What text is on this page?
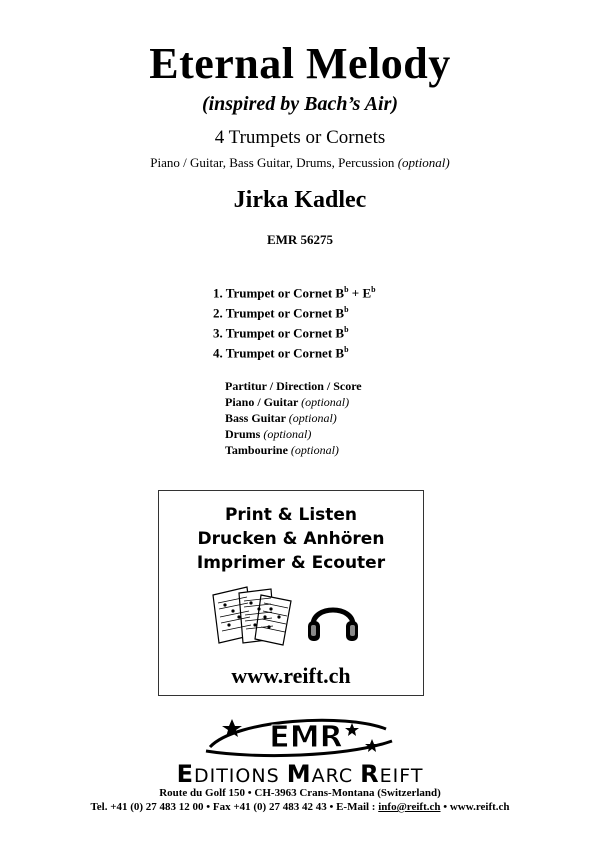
Eternal Melody
(inspired by Bach’s Air)
4 Trumpets or Cornets
Piano / Guitar, Bass Guitar, Drums, Percussion (optional)
Jirka Kadlec
EMR 56275
1. Trumpet or Cornet $B^b + E^b$
2. Trumpet or Cornet $B^b$
3. Trumpet or Cornet $B^b$
4. Trumpet or Cornet $B^b$
Partitur / Direction / Score
Piano / Guitar (optional)
Bass Guitar (optional)
Drums (optional)
Tambourine (optional)
Print & Listen
Drucken & Anhören
Imprimer & Ecouter
www.reift.ch
EMR
EDITIONS MARC REIFT
Route du Golf 150 • CH-3963 Crans-Montana (Switzerland)
Tel. +41 (0) 27 483 12 00 • Fax +41 (0) 27 483 42 43 • E-Mail : info@reift.ch • www.reift.ch
